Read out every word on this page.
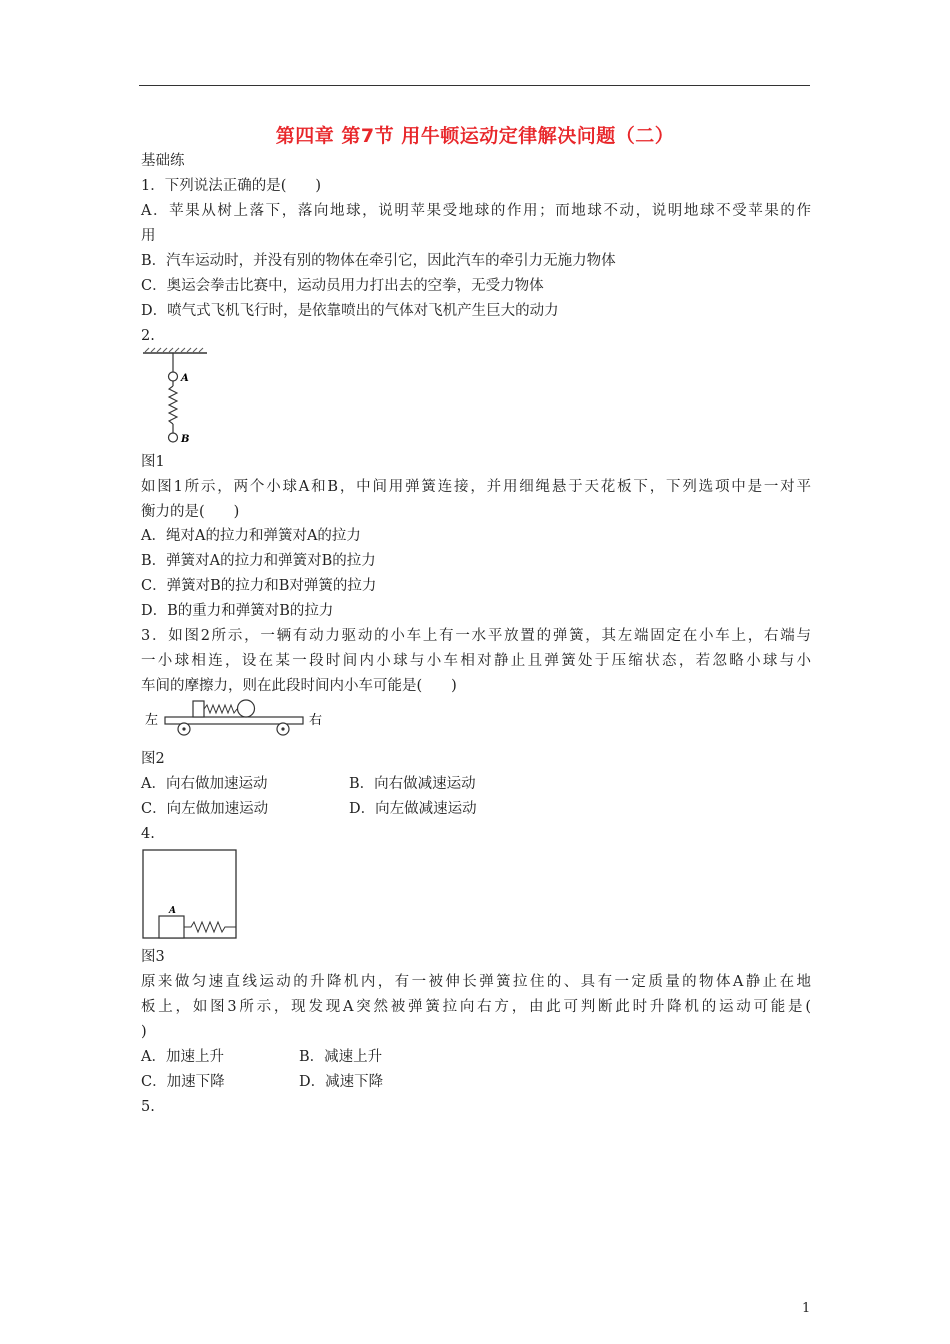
第四章 第7节 用牛顿运动定律解决问题（二）
基础练
1．下列说法正确的是(　　)
A．苹果从树上落下，落向地球，说明苹果受地球的作用；而地球不动，说明地球不受苹果的作
用
B．汽车运动时，并没有别的物体在牵引它，因此汽车的牵引力无施力物体
C．奥运会拳击比赛中，运动员用力打出去的空拳，无受力物体
D．喷气式飞机飞行时，是依靠喷出的气体对飞机产生巨大的动力
2.
A
B
图1
如图1所示，两个小球A和B，中间用弹簧连接，并用细绳悬于天花板下，下列选项中是一对平
衡力的是(　　)
A．绳对A的拉力和弹簧对A的拉力
B．弹簧对A的拉力和弹簧对B的拉力
C．弹簧对B的拉力和B对弹簧的拉力
D．B的重力和弹簧对B的拉力
3．如图2所示，一辆有动力驱动的小车上有一水平放置的弹簧，其左端固定在小车上，右端与
一小球相连，设在某一段时间内小球与小车相对静止且弹簧处于压缩状态，若忽略小球与小
车间的摩擦力，则在此段时间内小车可能是(　　)
左	右
图2
A．向右做加速运动	B．向右做减速运动
C．向左做加速运动	D．向左做减速运动
4.
A
图3
原来做匀速直线运动的升降机内，有一被伸长弹簧拉住的、具有一定质量的物体A静止在地
板上，如图3所示，现发现A突然被弹簧拉向右方，由此可判断此时升降机的运动可能是(
)
A．加速上升	B．减速上升
C．加速下降	D．减速下降
5.
1
